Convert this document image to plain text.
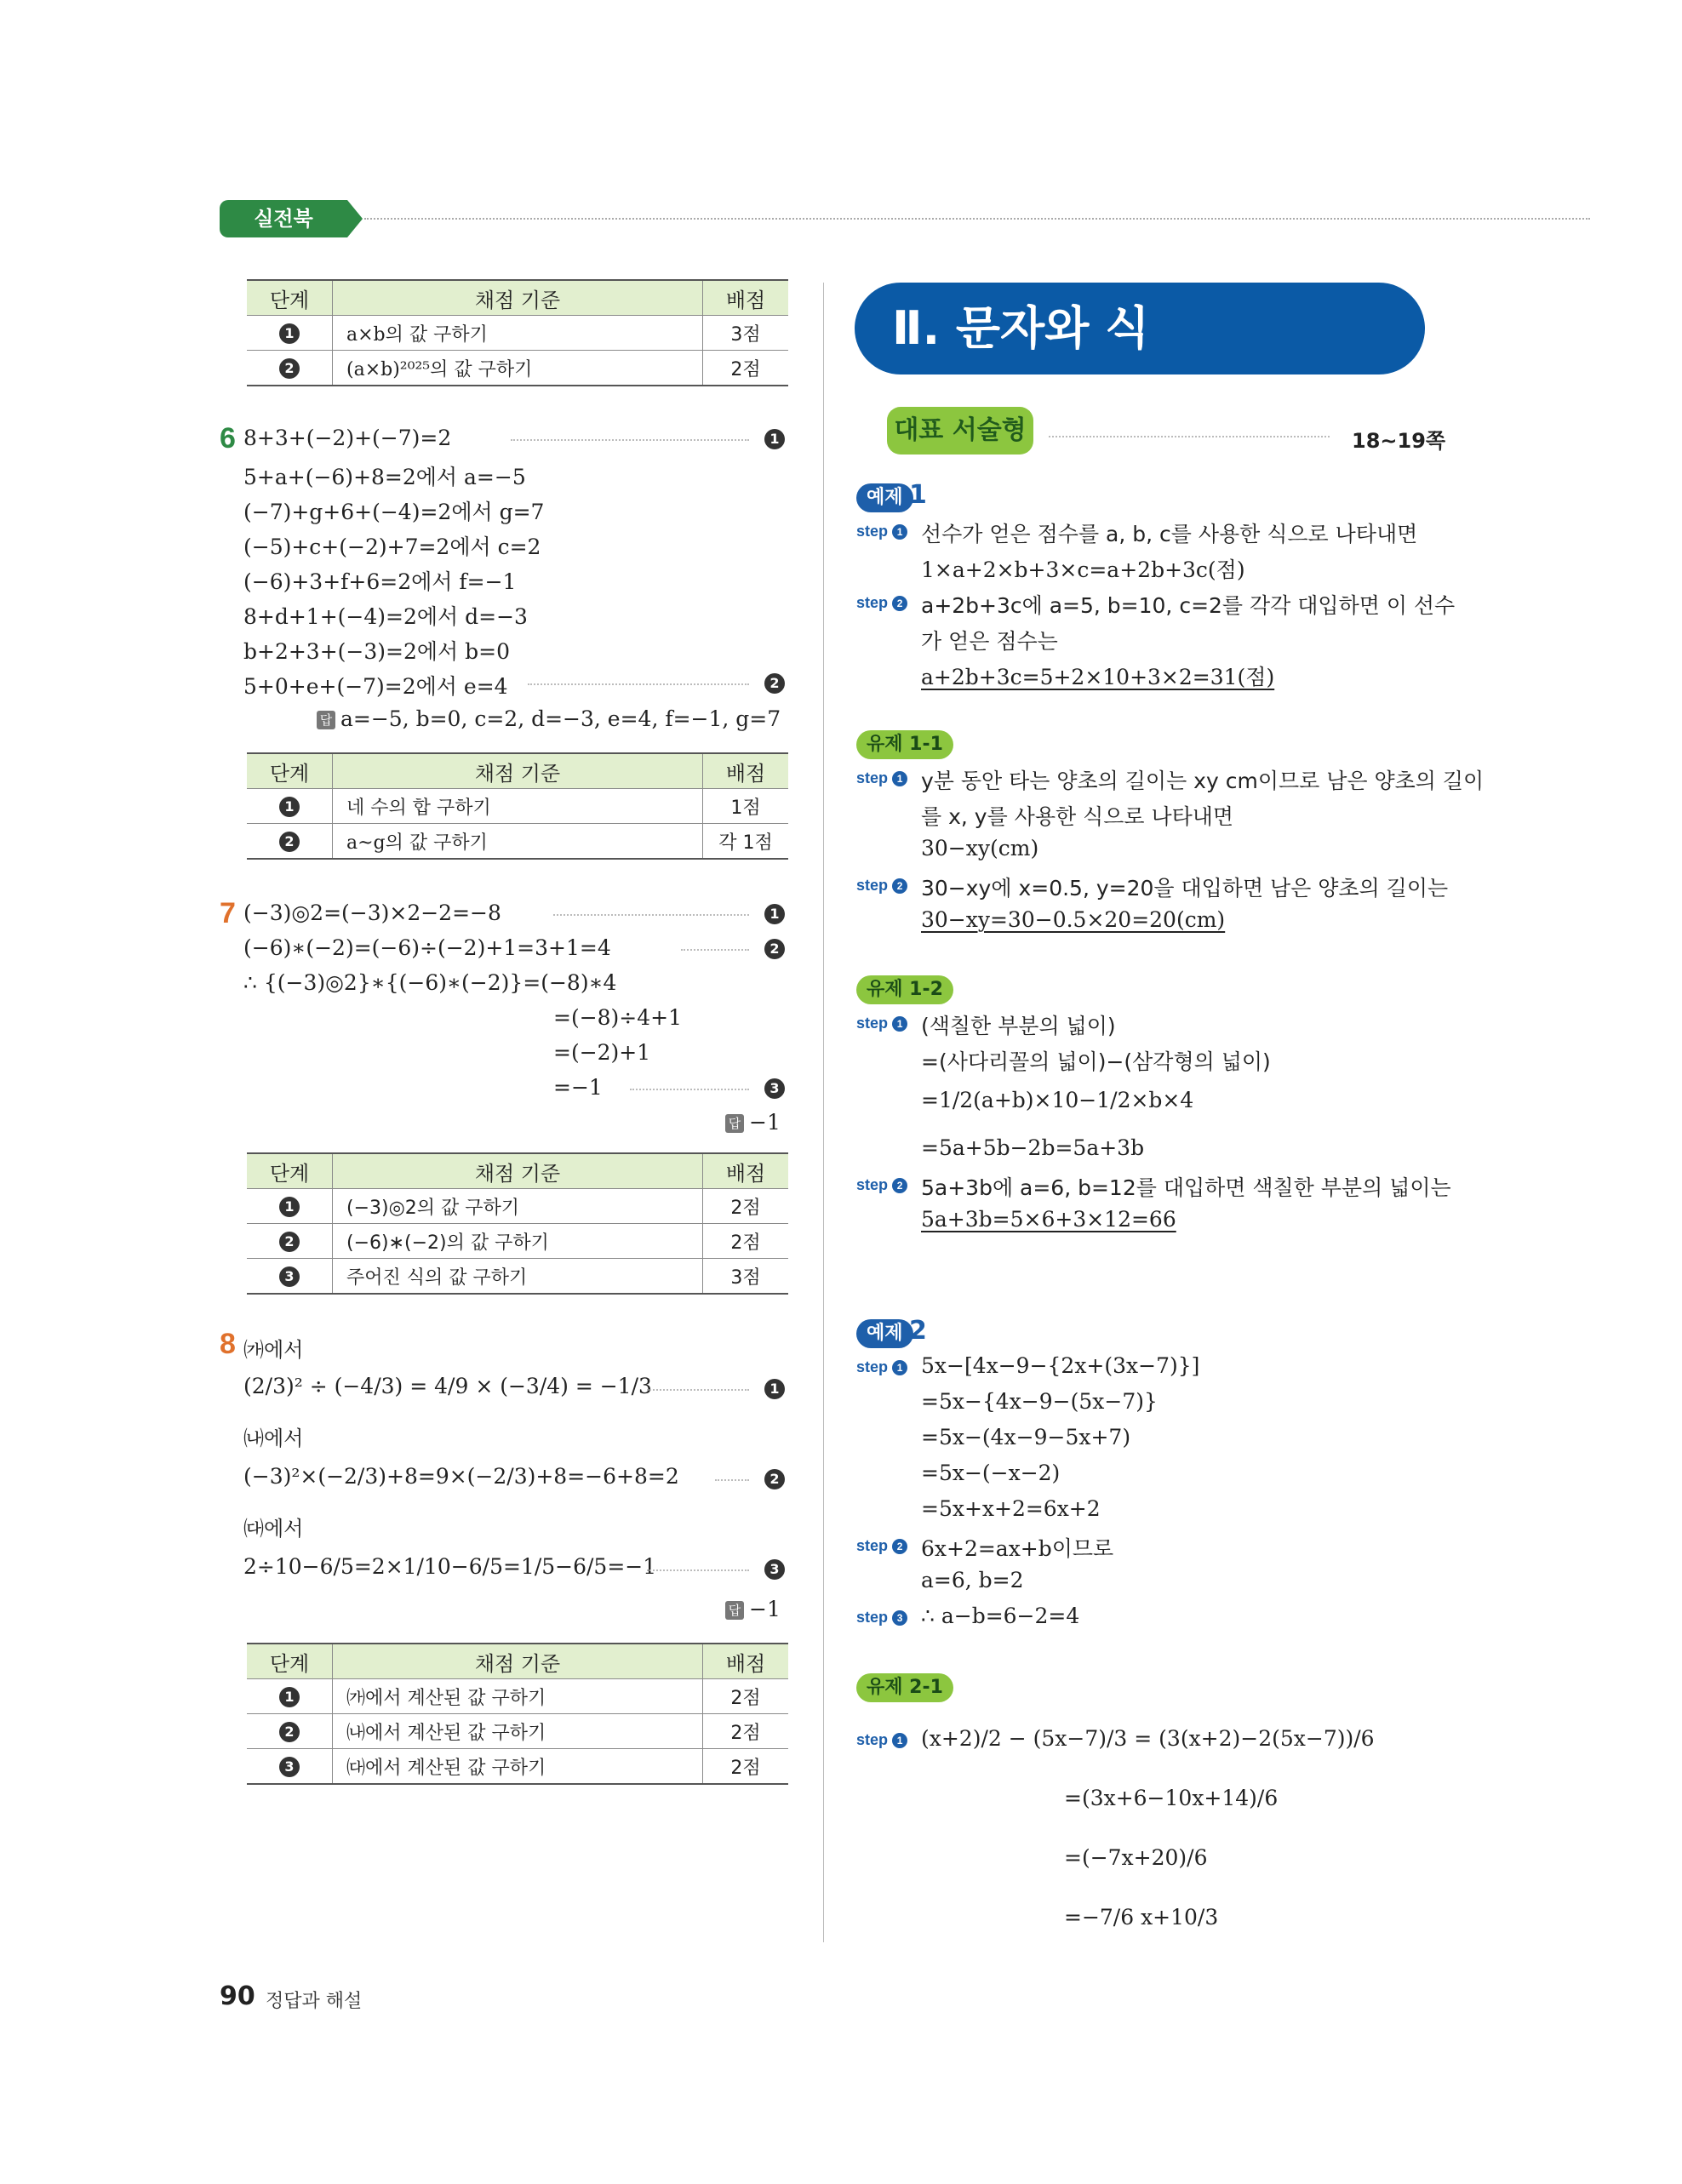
실전북
단계	채점 기준	배점
1	a×b의 값 구하기	3점
2	(a×b)²⁰²⁵의 값 구하기	2점
6 8+3+(−2)+(−7)=2	1
5+a+(−6)+8=2에서 a=−5
(−7)+g+6+(−4)=2에서 g=7
(−5)+c+(−2)+7=2에서 c=2
(−6)+3+f+6=2에서 f=−1
8+d+1+(−4)=2에서 d=−3
b+2+3+(−3)=2에서 b=0
5+0+e+(−7)=2에서 e=4	2
답 a=−5, b=0, c=2, d=−3, e=4, f=−1, g=7
단계	채점 기준	배점
1	네 수의 합 구하기	1점
2	a~g의 값 구하기	각 1점
7 (−3)◎2=(−3)×2−2=−8	1
(−6)∗(−2)=(−6)÷(−2)+1=3+1=4	2
∴ {(−3)◎2}∗{(−6)∗(−2)}=(−8)∗4
=(−8)÷4+1
=(−2)+1
=−1	3
답 −1
단계	채점 기준	배점
1	(−3)◎2의 값 구하기	2점
2	(−6)∗(−2)의 값 구하기	2점
3	주어진 식의 값 구하기	3점
8 ㈎에서
(2/3)² ÷ (−4/3) = 4/9 × (−3/4) = −1/3	1
㈏에서
(−3)²×(−2/3)+8=9×(−2/3)+8=−6+8=2	2
㈐에서
2÷10−6/5=2×1/10−6/5=1/5−6/5=−1	3
답 −1
단계	채점 기준	배점
1	㈎에서 계산된 값 구하기	2점
2	㈏에서 계산된 값 구하기	2점
3	㈐에서 계산된 값 구하기	2점
Ⅱ. 문자와 식
대표 서술형	18~19쪽
예제 1
step 1 선수가 얻은 점수를 a, b, c를 사용한 식으로 나타내면
1×a+2×b+3×c=a+2b+3c(점)
step 2 a+2b+3c에 a=5, b=10, c=2를 각각 대입하면 이 선수
가 얻은 점수는
a+2b+3c=5+2×10+3×2=31(점)
유제 1-1
step 1 y분 동안 타는 양초의 길이는 xy cm이므로 남은 양초의 길이
를 x, y를 사용한 식으로 나타내면
30−xy(cm)
step 2 30−xy에 x=0.5, y=20을 대입하면 남은 양초의 길이는
30−xy=30−0.5×20=20(cm)
유제 1-2
step 1 (색칠한 부분의 넓이)
=(사다리꼴의 넓이)−(삼각형의 넓이)
=1/2(a+b)×10−1/2×b×4
=5a+5b−2b=5a+3b
step 2 5a+3b에 a=6, b=12를 대입하면 색칠한 부분의 넓이는
5a+3b=5×6+3×12=66
예제 2
step 1 5x−[4x−9−{2x+(3x−7)}]
=5x−{4x−9−(5x−7)}
=5x−(4x−9−5x+7)
=5x−(−x−2)
=5x+x+2=6x+2
step 2 6x+2=ax+b이므로
a=6, b=2
step 3 ∴ a−b=6−2=4
유제 2-1
step 1 (x+2)/2 − (5x−7)/3 = (3(x+2)−2(5x−7))/6
=(3x+6−10x+14)/6
=(−7x+20)/6
=−7/6 x+10/3
90 정답과 해설
